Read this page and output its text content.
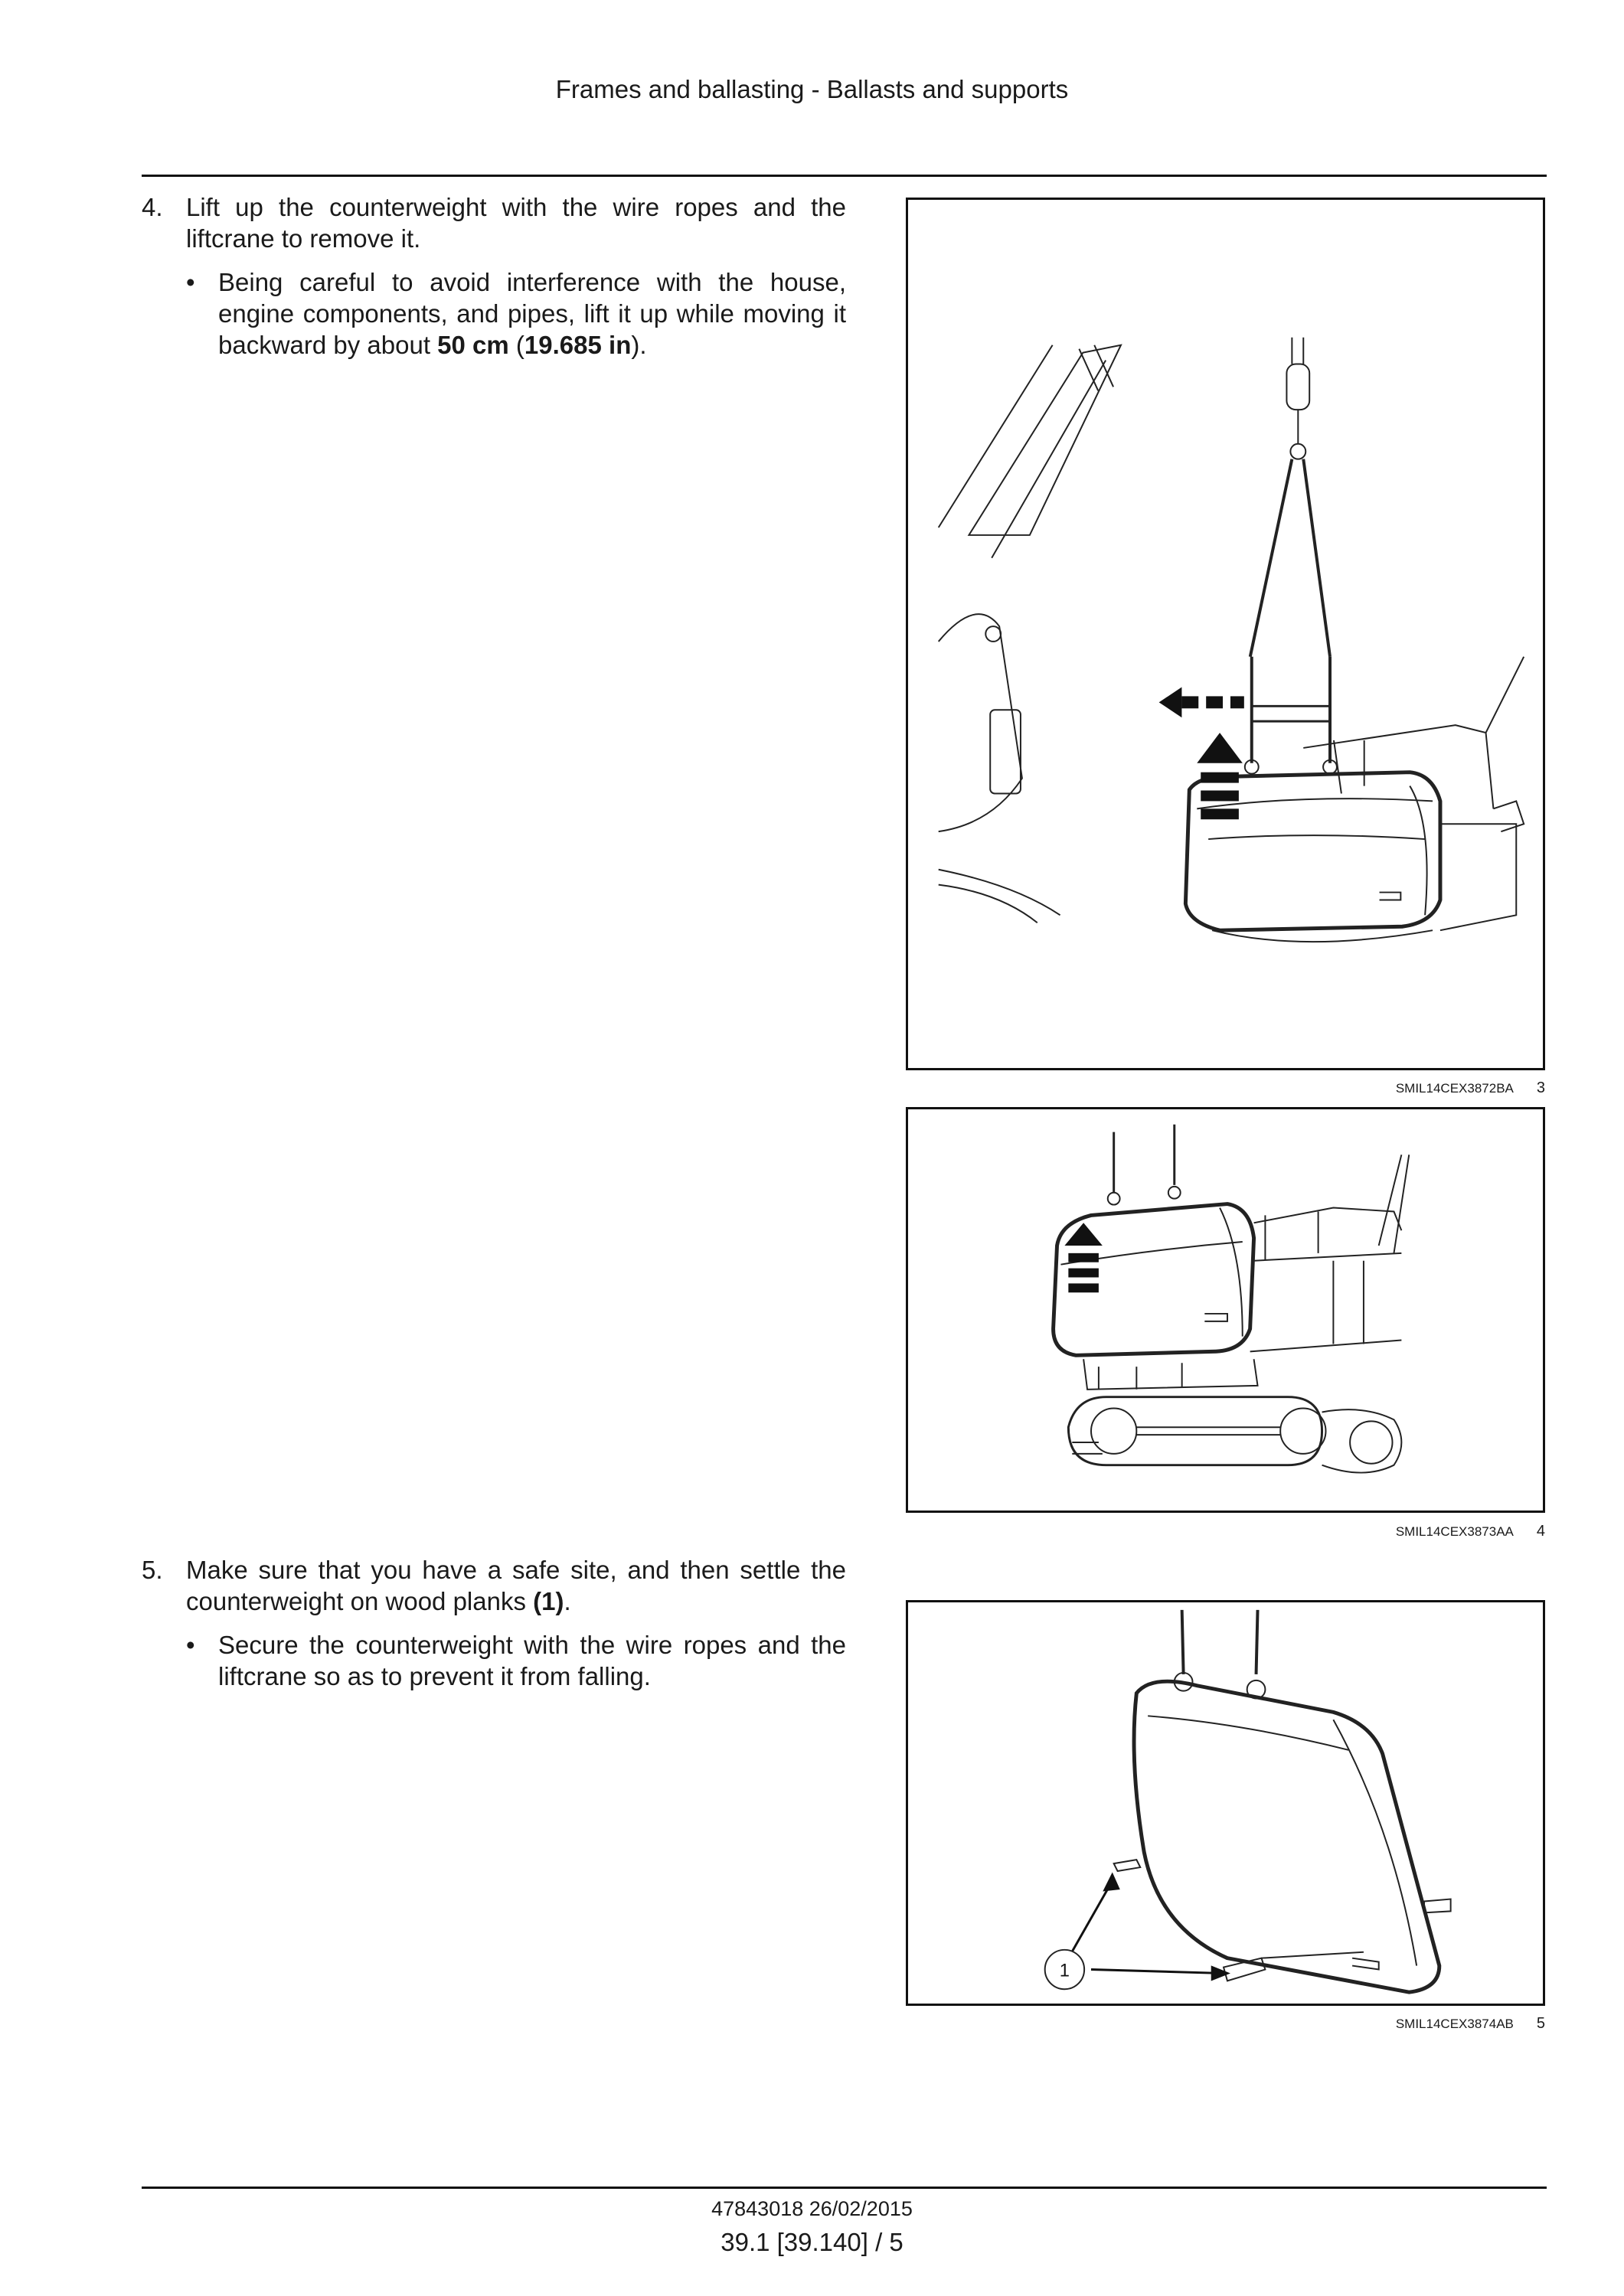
Frames and ballasting - Ballasts and supports
4. Lift up the counterweight with the wire ropes and the liftcrane to remove it.
• Being careful to avoid interference with the house, engine components, and pipes, lift it up while moving it backward by about 50 cm (19.685 in).
5. Make sure that you have a safe site, and then settle the counterweight on wood planks (1).
• Secure the counterweight with the wire ropes and the liftcrane so as to prevent it from falling.
SMIL14CEX3872BA 3
SMIL14CEX3873AA 4
1
SMIL14CEX3874AB 5
47843018 26/02/2015
39.1 [39.140] / 5
